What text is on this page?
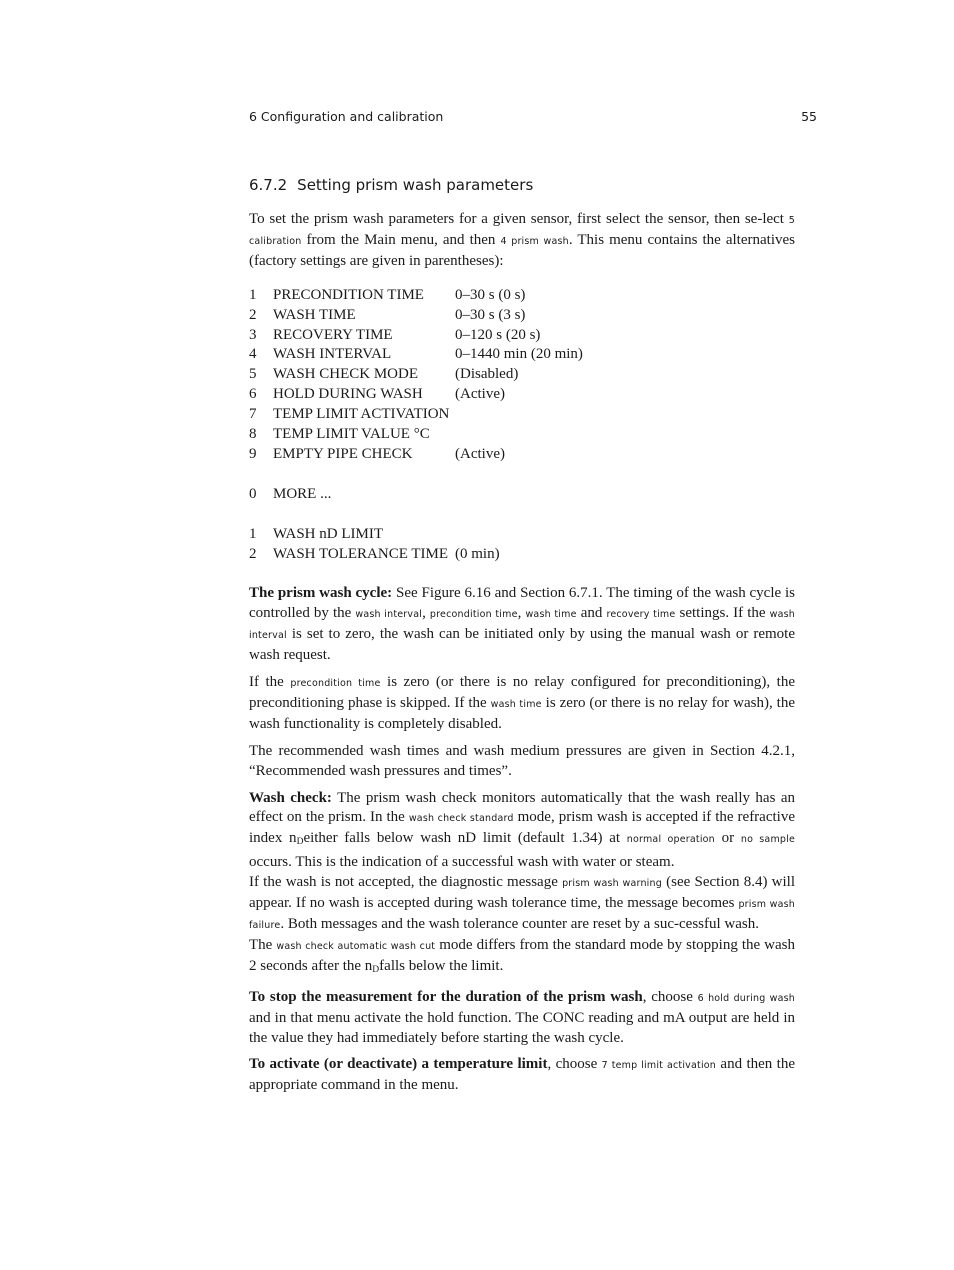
6 Configuration and calibration	55
6.7.2 Setting prism wash parameters

To set the prism wash parameters for a given sensor, first select the sensor, then se-lect 5 calibration from the Main menu, and then 4 prism wash. This menu contains the alternatives (factory settings are given in parentheses):

1	PRECONDITION TIME	0–30 s (0 s)
2	WASH TIME	0–30 s (3 s)
3	RECOVERY TIME	0–120 s (20 s)
4	WASH INTERVAL	0–1440 min (20 min)
5	WASH CHECK MODE	(Disabled)
6	HOLD DURING WASH	(Active)
7	TEMP LIMIT ACTIVATION
8	TEMP LIMIT VALUE °C
9	EMPTY PIPE CHECK	(Active)
0	MORE ...
1	WASH nD LIMIT
2	WASH TOLERANCE TIME (0 min)

The prism wash cycle: See Figure 6.16 and Section 6.7.1. The timing of the wash cycle is controlled by the wash interval, precondition time, wash time and recovery time settings. If the wash interval is set to zero, the wash can be initiated only by using the manual wash or remote wash request.

If the precondition time is zero (or there is no relay configured for preconditioning), the preconditioning phase is skipped. If the wash time is zero (or there is no relay for wash), the wash functionality is completely disabled.

The recommended wash times and wash medium pressures are given in Section 4.2.1, “Recommended wash pressures and times”.

Wash check: The prism wash check monitors automatically that the wash really has an effect on the prism. In the wash check standard mode, prism wash is accepted if the refractive index $n_Deither$ falls below wash nD limit (default 1.34) at normal operation or no sample occurs. This is the indication of a successful wash with water or steam.

If the wash is not accepted, the diagnostic message prism wash warning (see Section 8.4) will appear. If no wash is accepted during wash tolerance time, the message becomes prism wash failure. Both messages and the wash tolerance counter are reset by a suc-cessful wash.

The wash check automatic wash cut mode differs from the standard mode by stopping the wash 2 seconds after the $n_Dfalls$ below the limit.

To stop the measurement for the duration of the prism wash, choose 6 hold during wash and in that menu activate the hold function. The CONC reading and mA output are held in the value they had immediately before starting the wash cycle.

To activate (or deactivate) a temperature limit, choose 7 temp limit activation and then the appropriate command in the menu.
